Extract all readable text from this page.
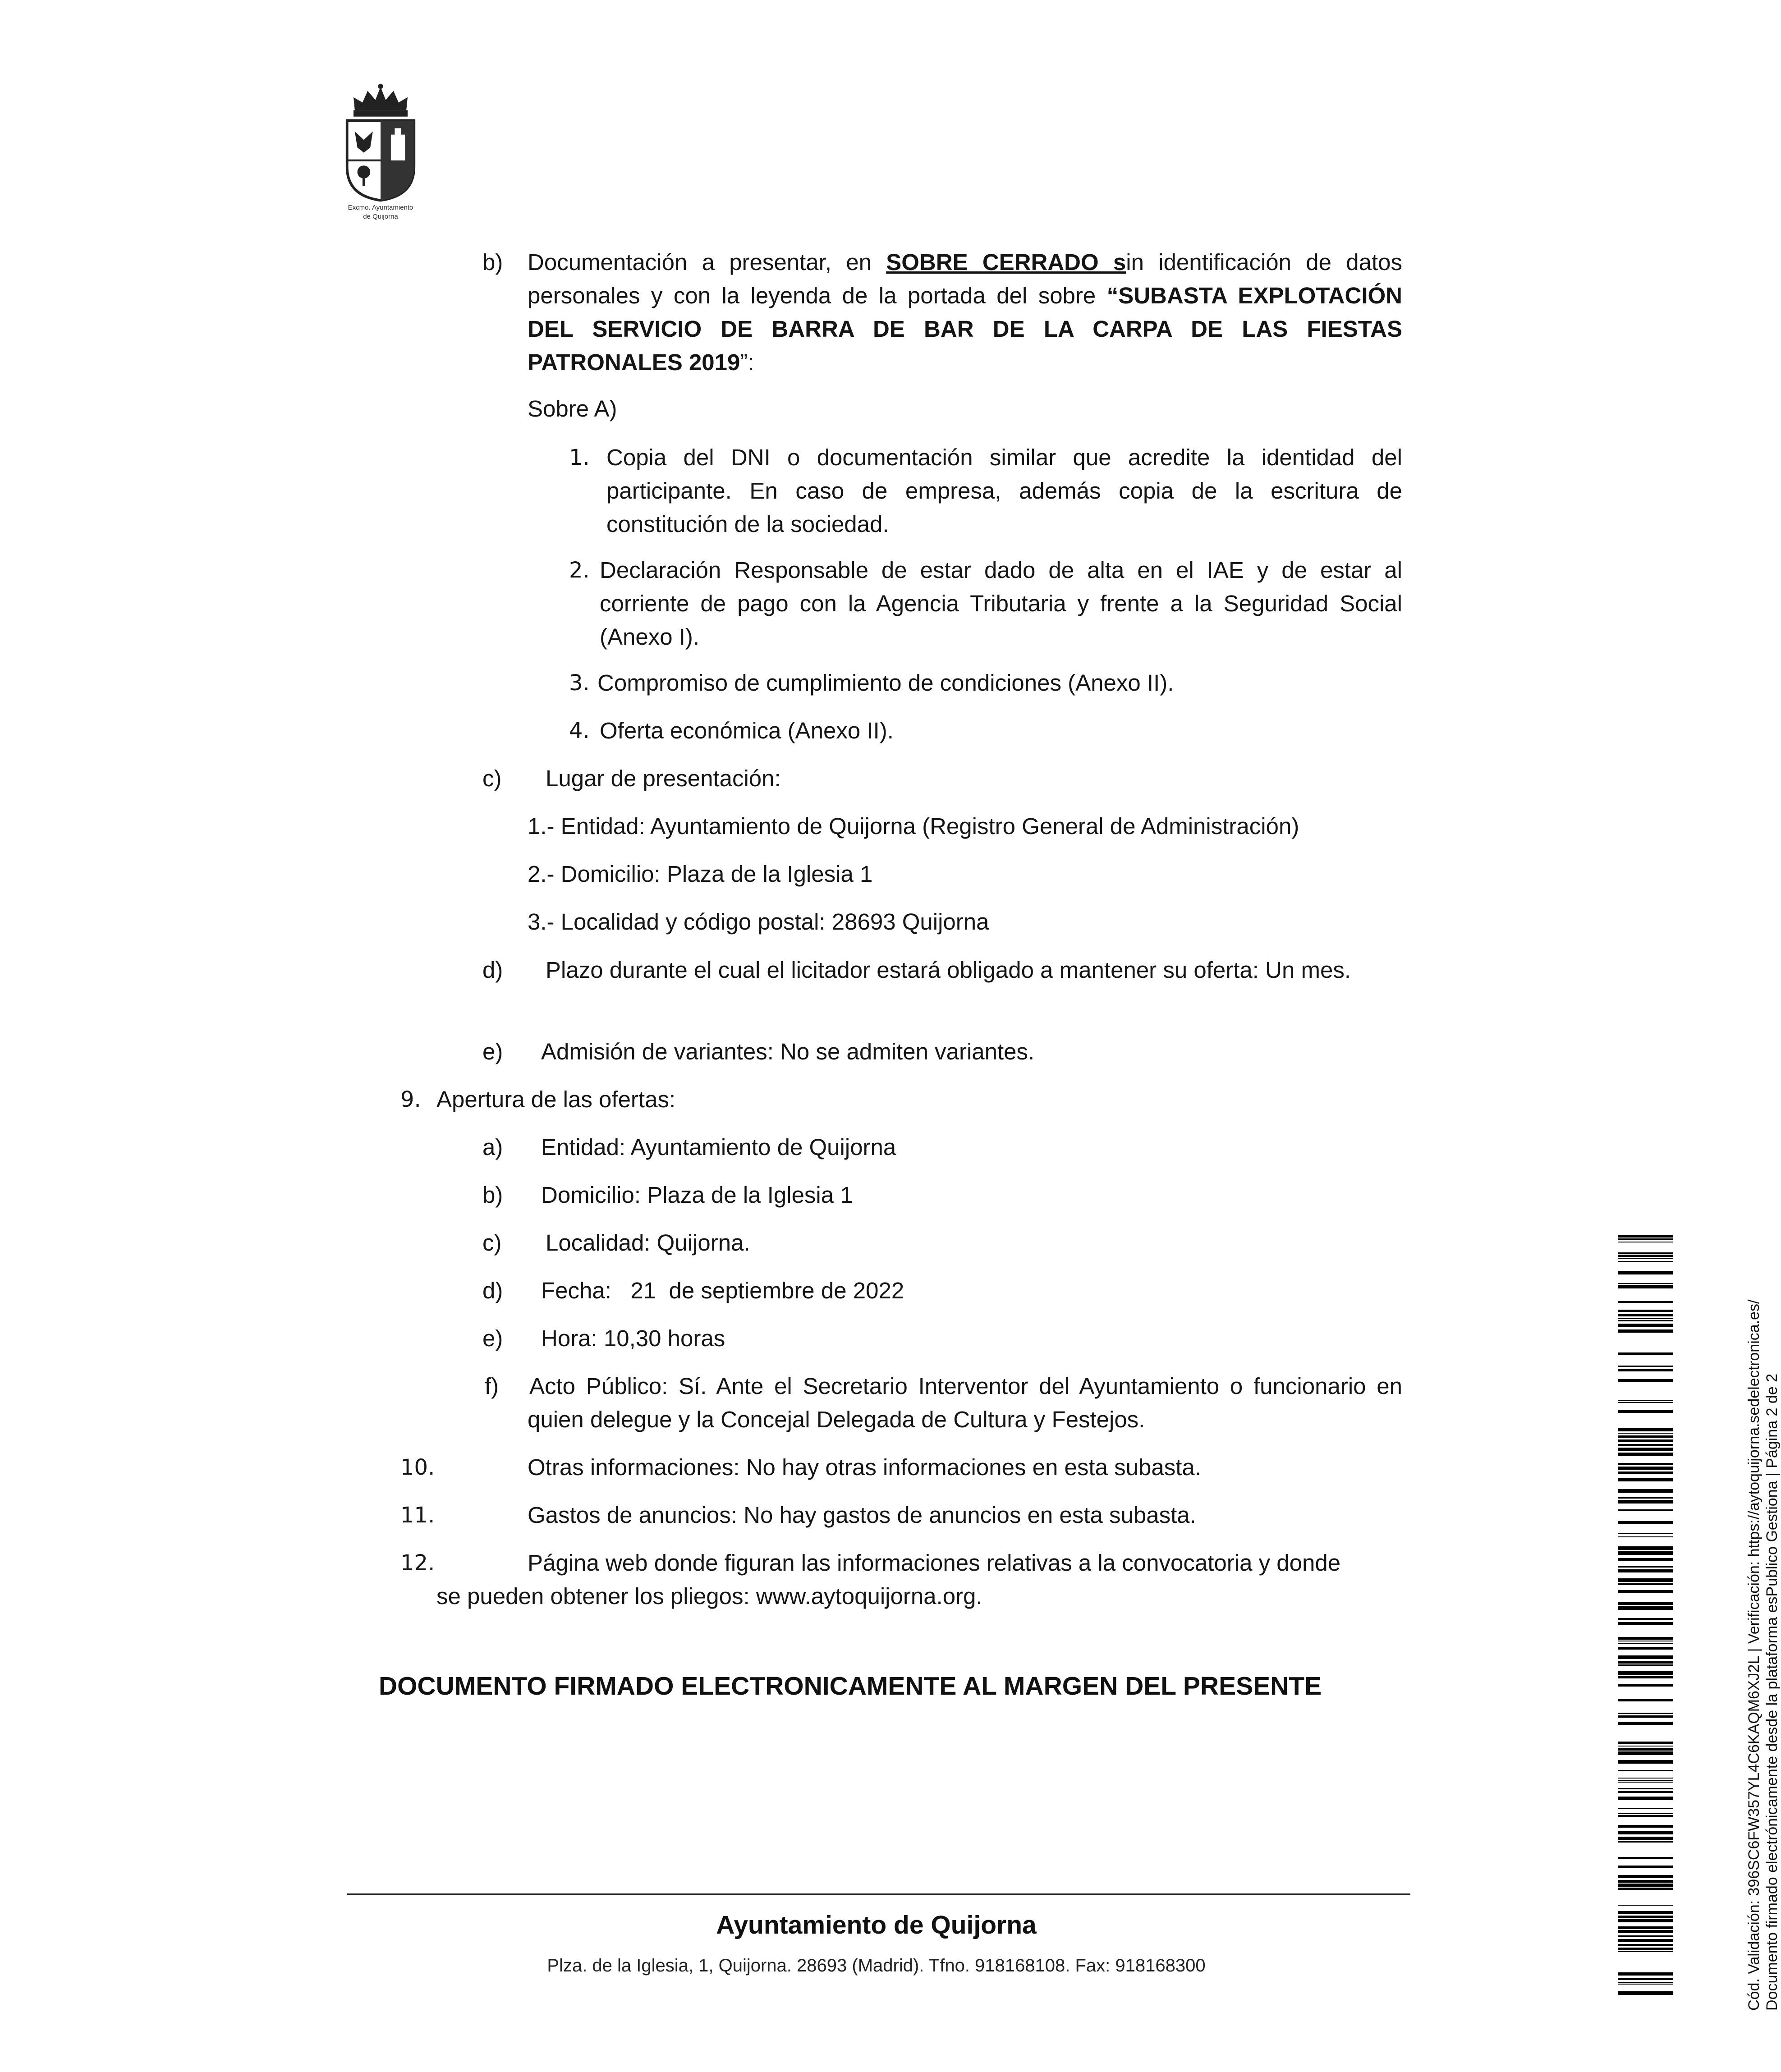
Excmo. Ayuntamiento
de Quijorna
b) Documentación a presentar, en SOBRE CERRADO sin identificación de datos personales y con la leyenda de la portada del sobre “SUBASTA EXPLOTACIÓN DEL SERVICIO DE BARRA DE BAR DE LA CARPA DE LAS FIESTAS PATRONALES 2019”:
Sobre A)
1. Copia del DNI o documentación similar que acredite la identidad del participante. En caso de empresa, además copia de la escritura de constitución de la sociedad.
2. Declaración Responsable de estar dado de alta en el IAE y de estar al corriente de pago con la Agencia Tributaria y frente a la Seguridad Social (Anexo I).
3. Compromiso de cumplimiento de condiciones (Anexo II).
4. Oferta económica (Anexo II).
c) Lugar de presentación:
1.- Entidad: Ayuntamiento de Quijorna (Registro General de Administración)
2.- Domicilio: Plaza de la Iglesia 1
3.- Localidad y código postal: 28693 Quijorna
d)	Plazo durante el cual el licitador estará obligado a mantener su oferta: Un mes.
e) Admisión de variantes: No se admiten variantes.
9. Apertura de las ofertas:
a) Entidad: Ayuntamiento de Quijorna
b) Domicilio: Plaza de la Iglesia 1
c) Localidad: Quijorna.
d) Fecha:   21  de septiembre de 2022
e) Hora: 10,30 horas
f) Acto Público: Sí. Ante el Secretario Interventor del Ayuntamiento o funcionario en quien delegue y la Concejal Delegada de Cultura y Festejos.
10.	Otras informaciones: No hay otras informaciones en esta subasta.
11.	Gastos de anuncios: No hay gastos de anuncios en esta subasta.
12.	Página web donde figuran las informaciones relativas a la convocatoria y donde
se pueden obtener los pliegos: www.aytoquijorna.org.
DOCUMENTO FIRMADO ELECTRONICAMENTE AL MARGEN DEL PRESENTE
Ayuntamiento de Quijorna
Plza. de la Iglesia, 1, Quijorna. 28693 (Madrid). Tfno. 918168108. Fax: 918168300	Cód. Validación: 396SC6FW357YL4C6KAQM6XJ2L | Verificación: https://aytoquijorna.sedelectronica.es/ Documento firmado electrónicamente desde la plataforma esPublico Gestiona | Página 2 de 2
